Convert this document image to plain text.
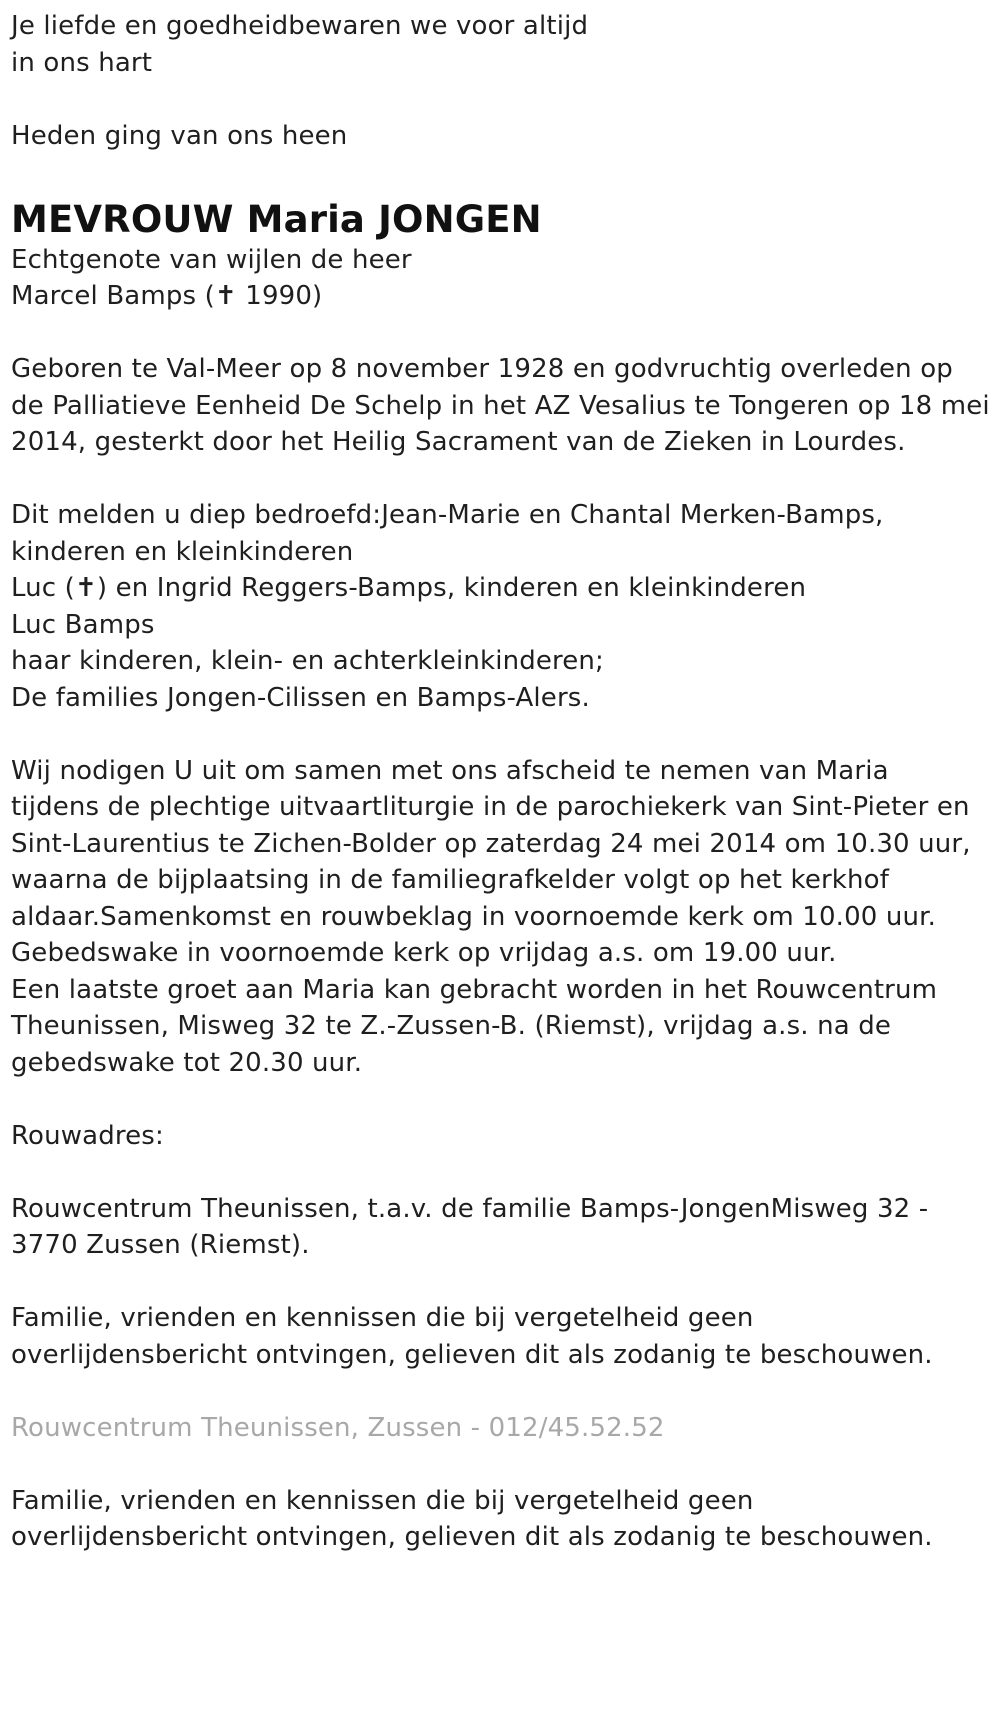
Je liefde en goedheidbewaren we voor altijd
in ons hart
Heden ging van ons heen
MEVROUW Maria JONGEN
Echtgenote van wijlen de heer
Marcel Bamps (✝ 1990)
Geboren te Val-Meer op 8 november 1928 en godvruchtig overleden op
de Palliatieve Eenheid De Schelp in het AZ Vesalius te Tongeren op 18 mei
2014, gesterkt door het Heilig Sacrament van de Zieken in Lourdes.
Dit melden u diep bedroefd:Jean-Marie en Chantal Merken-Bamps,
kinderen en kleinkinderen
Luc (✝) en Ingrid Reggers-Bamps, kinderen en kleinkinderen
Luc Bamps
haar kinderen, klein- en achterkleinkinderen;
De families Jongen-Cilissen en Bamps-Alers.
Wij nodigen U uit om samen met ons afscheid te nemen van Maria
tijdens de plechtige uitvaartliturgie in de parochiekerk van Sint-Pieter en
Sint-Laurentius te Zichen-Bolder op zaterdag 24 mei 2014 om 10.30 uur,
waarna de bijplaatsing in de familiegrafkelder volgt op het kerkhof
aldaar.Samenkomst en rouwbeklag in voornoemde kerk om 10.00 uur.
Gebedswake in voornoemde kerk op vrijdag a.s. om 19.00 uur.
Een laatste groet aan Maria kan gebracht worden in het Rouwcentrum
Theunissen, Misweg 32 te Z.-Zussen-B. (Riemst), vrijdag a.s. na de
gebedswake tot 20.30 uur.
Rouwadres:
Rouwcentrum Theunissen, t.a.v. de familie Bamps-JongenMisweg 32 -
3770 Zussen (Riemst).
Familie, vrienden en kennissen die bij vergetelheid geen
overlijdensbericht ontvingen, gelieven dit als zodanig te beschouwen.
Rouwcentrum Theunissen, Zussen - 012/45.52.52
Familie, vrienden en kennissen die bij vergetelheid geen
overlijdensbericht ontvingen, gelieven dit als zodanig te beschouwen.
